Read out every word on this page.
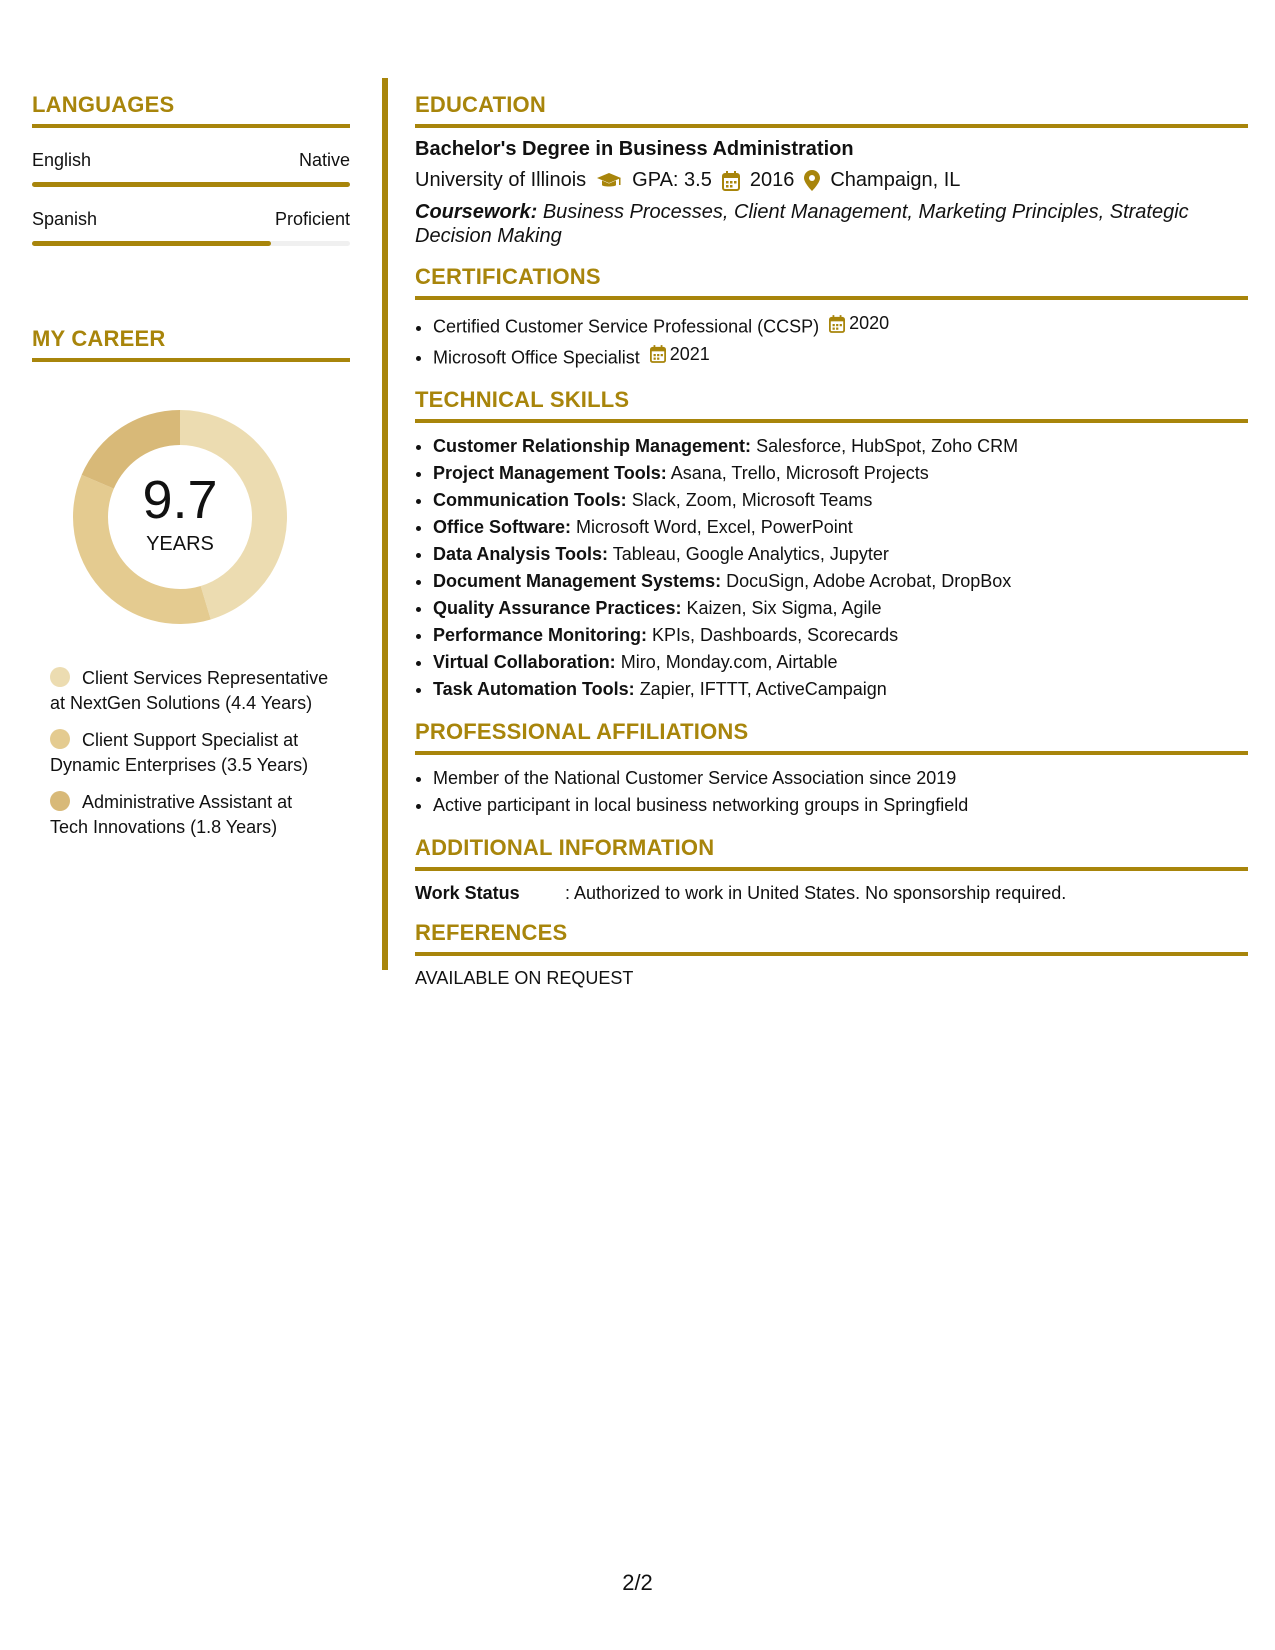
LANGUAGES
English	Native
Spanish	Proficient
MY CAREER
9.7
YEARS
Client Services Representative at NextGen Solutions (4.4 Years)
Client Support Specialist at Dynamic Enterprises (3.5 Years)
Administrative Assistant at Tech Innovations (1.8 Years)
EDUCATION
Bachelor's Degree in Business Administration
University of Illinois GPA: 3.5 2016 Champaign, IL
Coursework: Business Processes, Client Management, Marketing Principles, Strategic Decision Making
CERTIFICATIONS
• Certified Customer Service Professional (CCSP) 2020
• Microsoft Office Specialist 2021
TECHNICAL SKILLS
• Customer Relationship Management: Salesforce, HubSpot, Zoho CRM
• Project Management Tools: Asana, Trello, Microsoft Projects
• Communication Tools: Slack, Zoom, Microsoft Teams
• Office Software: Microsoft Word, Excel, PowerPoint
• Data Analysis Tools: Tableau, Google Analytics, Jupyter
• Document Management Systems: DocuSign, Adobe Acrobat, DropBox
• Quality Assurance Practices: Kaizen, Six Sigma, Agile
• Performance Monitoring: KPIs, Dashboards, Scorecards
• Virtual Collaboration: Miro, Monday.com, Airtable
• Task Automation Tools: Zapier, IFTTT, ActiveCampaign
PROFESSIONAL AFFILIATIONS
• Member of the National Customer Service Association since 2019
• Active participant in local business networking groups in Springfield
ADDITIONAL INFORMATION
Work Status	: Authorized to work in United States. No sponsorship required.
REFERENCES
AVAILABLE ON REQUEST
2/2
